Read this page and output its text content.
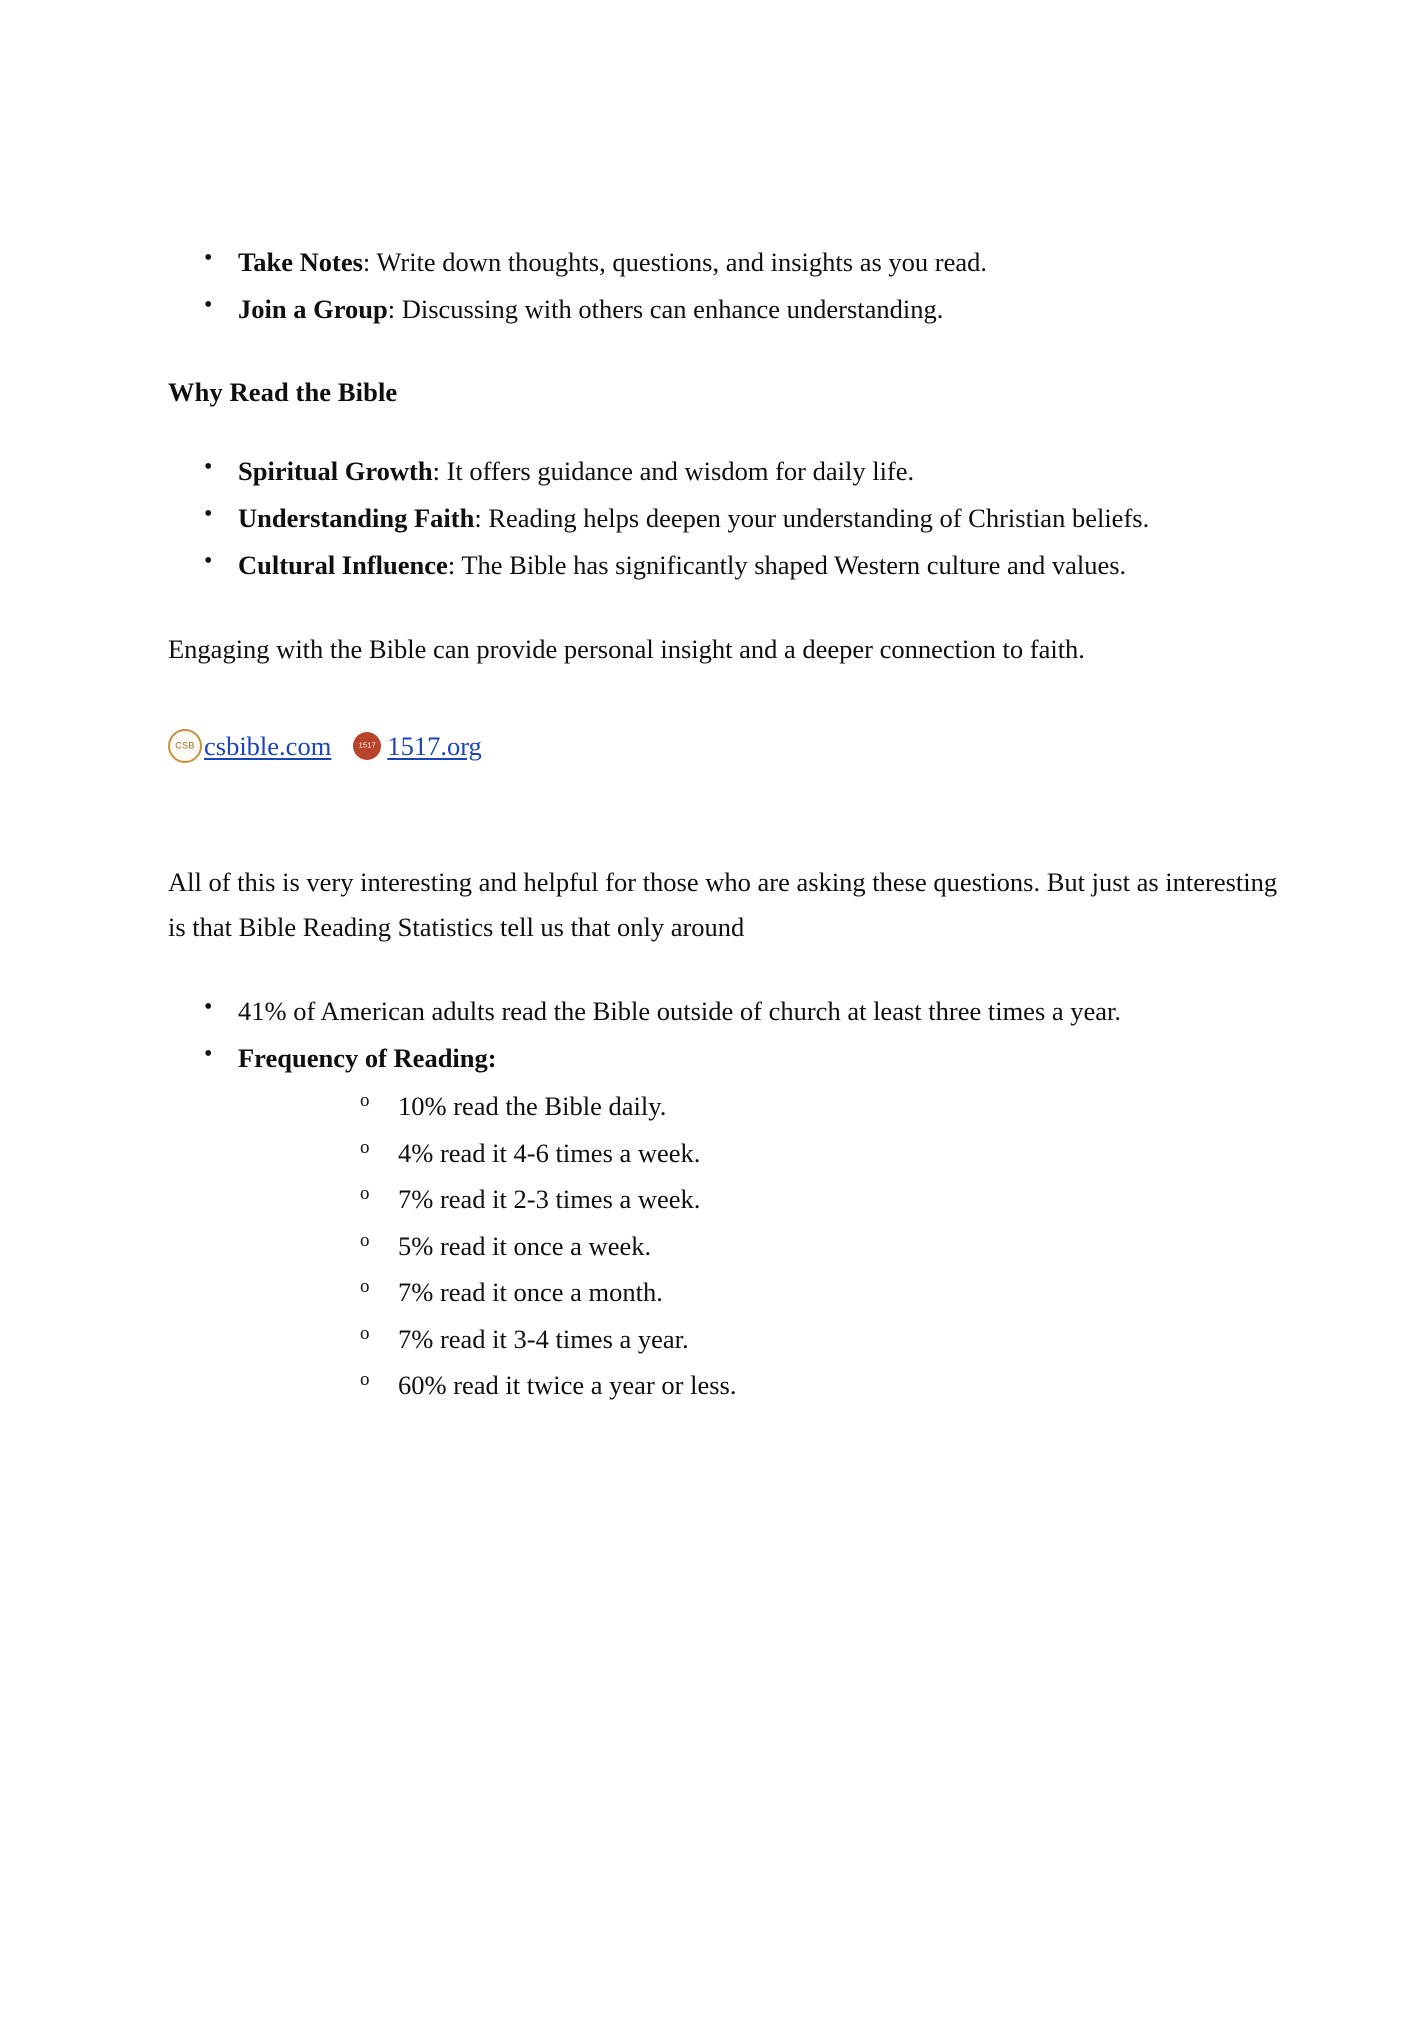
• Take Notes: Write down thoughts, questions, and insights as you read.
• Join a Group: Discussing with others can enhance understanding.
Why Read the Bible
• Spiritual Growth: It offers guidance and wisdom for daily life.
• Understanding Faith: Reading helps deepen your understanding of Christian beliefs.
• Cultural Influence: The Bible has significantly shaped Western culture and values.

Engaging with the Bible can provide personal insight and a deeper connection to faith.

CSB csbible.com	1517 1517.org

All of this is very interesting and helpful for those who are asking these questions. But just as interesting is that Bible Reading Statistics tell us that only around

• 41% of American adults read the Bible outside of church at least three times a year.
• Frequency of Reading:
o 10% read the Bible daily.
o 4% read it 4-6 times a week.
o 7% read it 2-3 times a week.
o 5% read it once a week.
o 7% read it once a month.
o 7% read it 3-4 times a year.
o 60% read it twice a year or less.
